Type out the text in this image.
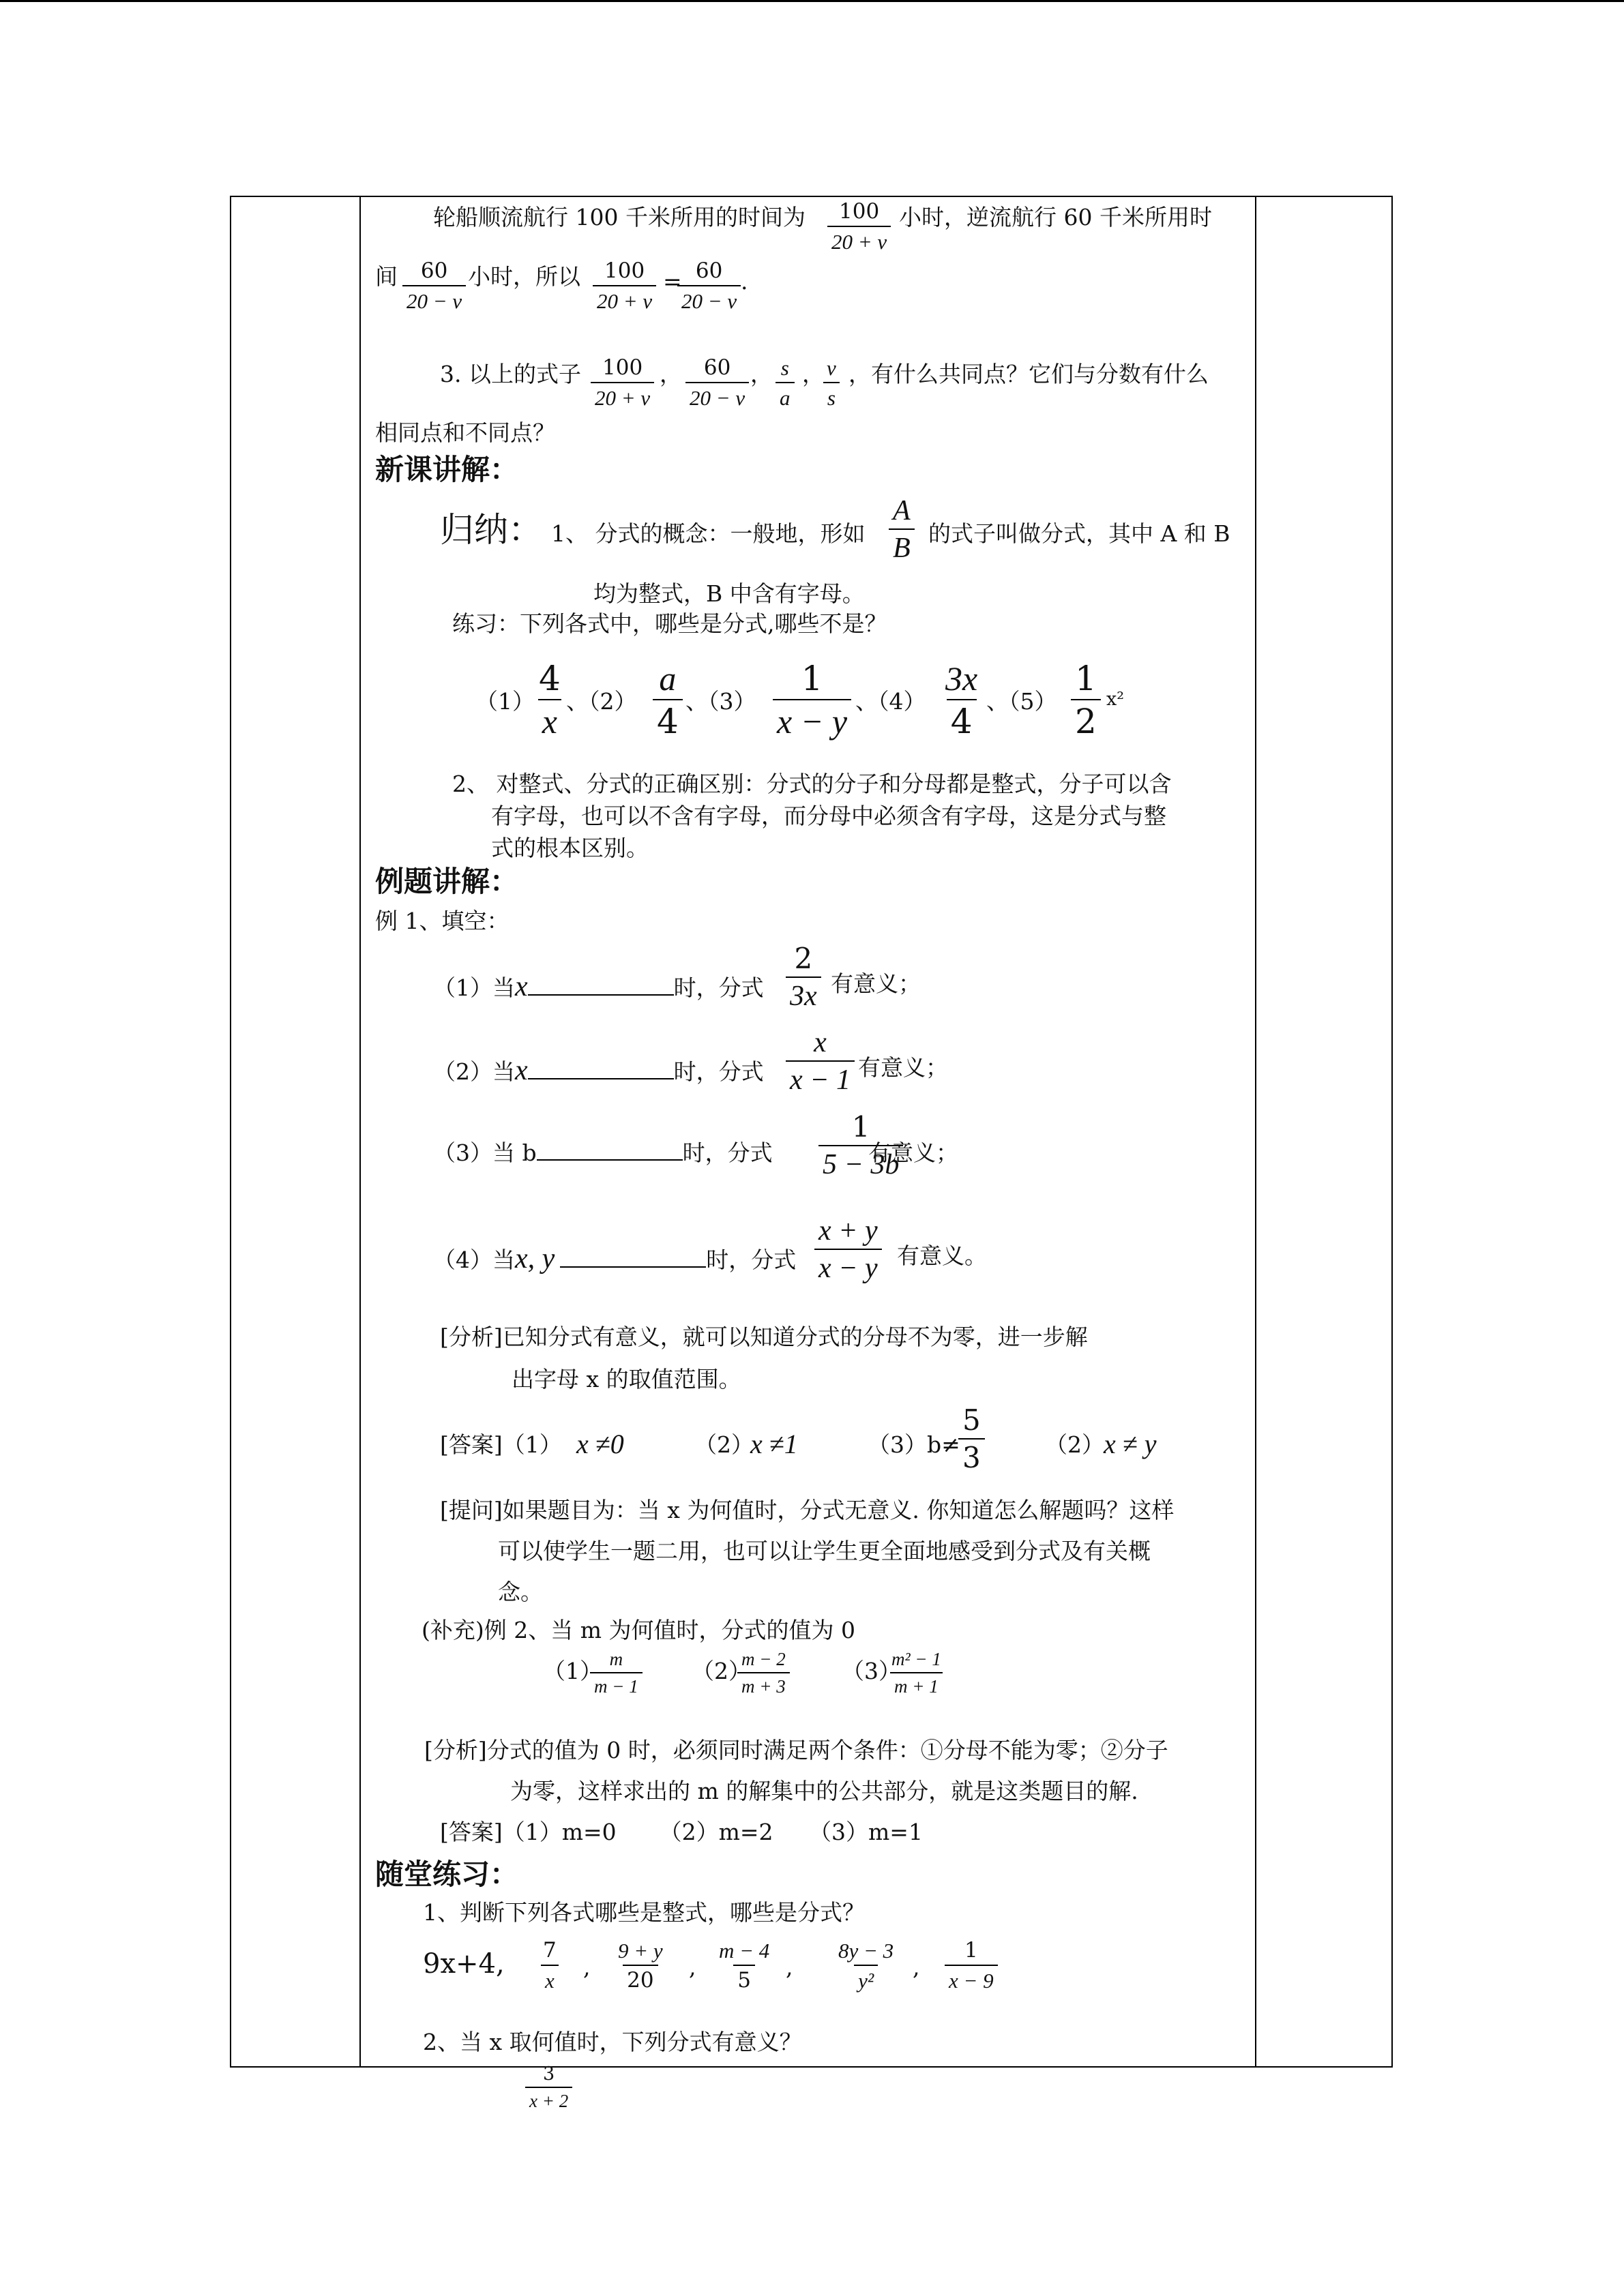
轮船顺流航行 100 千米所用的时间为 $\frac{100}{20 + v}$ 小时，逆流航行 60 千米所用时
间 $\frac{60}{20 - v}$ 小时，所以 $\frac{100}{20 + v}$ =
$\frac{60}{20 - v}$ .
3. 以上的式子 $\frac{100}{20 + v}$ ， $\frac{60}{20 - v}$ ， $\frac{s}{a}$ ，
$\frac{v}{s}$ ，有什么共同点？它们与分数有什么
相同点和不同点？
新课讲解：
归纳： 1、 分式的概念：一般地，形如 $\frac{A}{B}$ 的式子叫做分式，其中 A 和 B
均为整式，B 中含有字母。
练习：下列各式中，哪些是分式,哪些不是？
$(1) \frac{4}{x}$ 、$(2) \frac{a}{4}$ 、$(3) \frac{1}{x - y}$ 、$(4) \frac{3x}{4}$ 、$(5) \frac{1}{2} x^2$
2、 对整式、分式的正确区别：分式的分子和分母都是整式，分子可以含
有字母，也可以不含有字母，而分母中必须含有字母，这是分式与整
式的根本区别。
例题讲解：
例 1、填空：
（1）当x	时，分式 $\frac{2}{3x}$ 有意义；
（2）当x	时，分式 $\frac{x}{x - 1}$ 有意义；
（3）当 b	时，分式 $\frac{1}{5 - 3b}$
有意义；
（4）当x, y	时，分式 $\frac{x + y}{x - y}$ 有意义。
[分析]已知分式有意义，就可以知道分式的分母不为零，进一步解
出字母 x 的取值范围。
[答案]（1） x ≠0	（2）
x ≠1	（3）b≠
$\frac{5}{3}$	（2） x ≠ y
[提问]如果题目为：当 x 为何值时，分式无意义. 你知道怎么解题吗？这样
可以使学生一题二用，也可以让学生更全面地感受到分式及有关概
念。
(补充)例 2、当 m 为何值时，分式的值为 0
（1）
$\frac{m}{m - 1} (2)$
$\frac{m - 2}{m + 3} (3)$
$\frac{\text{m² − 1}}{m + 1}$
[分析]分式的值为 0 时，必须同时满足两个条件：①分母不能为零；②分子
为零，这样求出的 m 的解集中的公共部分，就是这类题目的解.
[答案]（1）m=0      （2）m=2     （3）m=1
随堂练习：
1、判断下列各式哪些是整式，哪些是分式？
9x+4, $\frac{7}{x}$ , $\frac{9 + y}{20}$ , $\frac{m - 4}{5}$ , $\frac{8y - 3}{\text{y²}}$ , $\frac{1}{x - 9}$
2、当 x 取何值时，下列分式有意义？
$\frac{3}{x + 2}$
